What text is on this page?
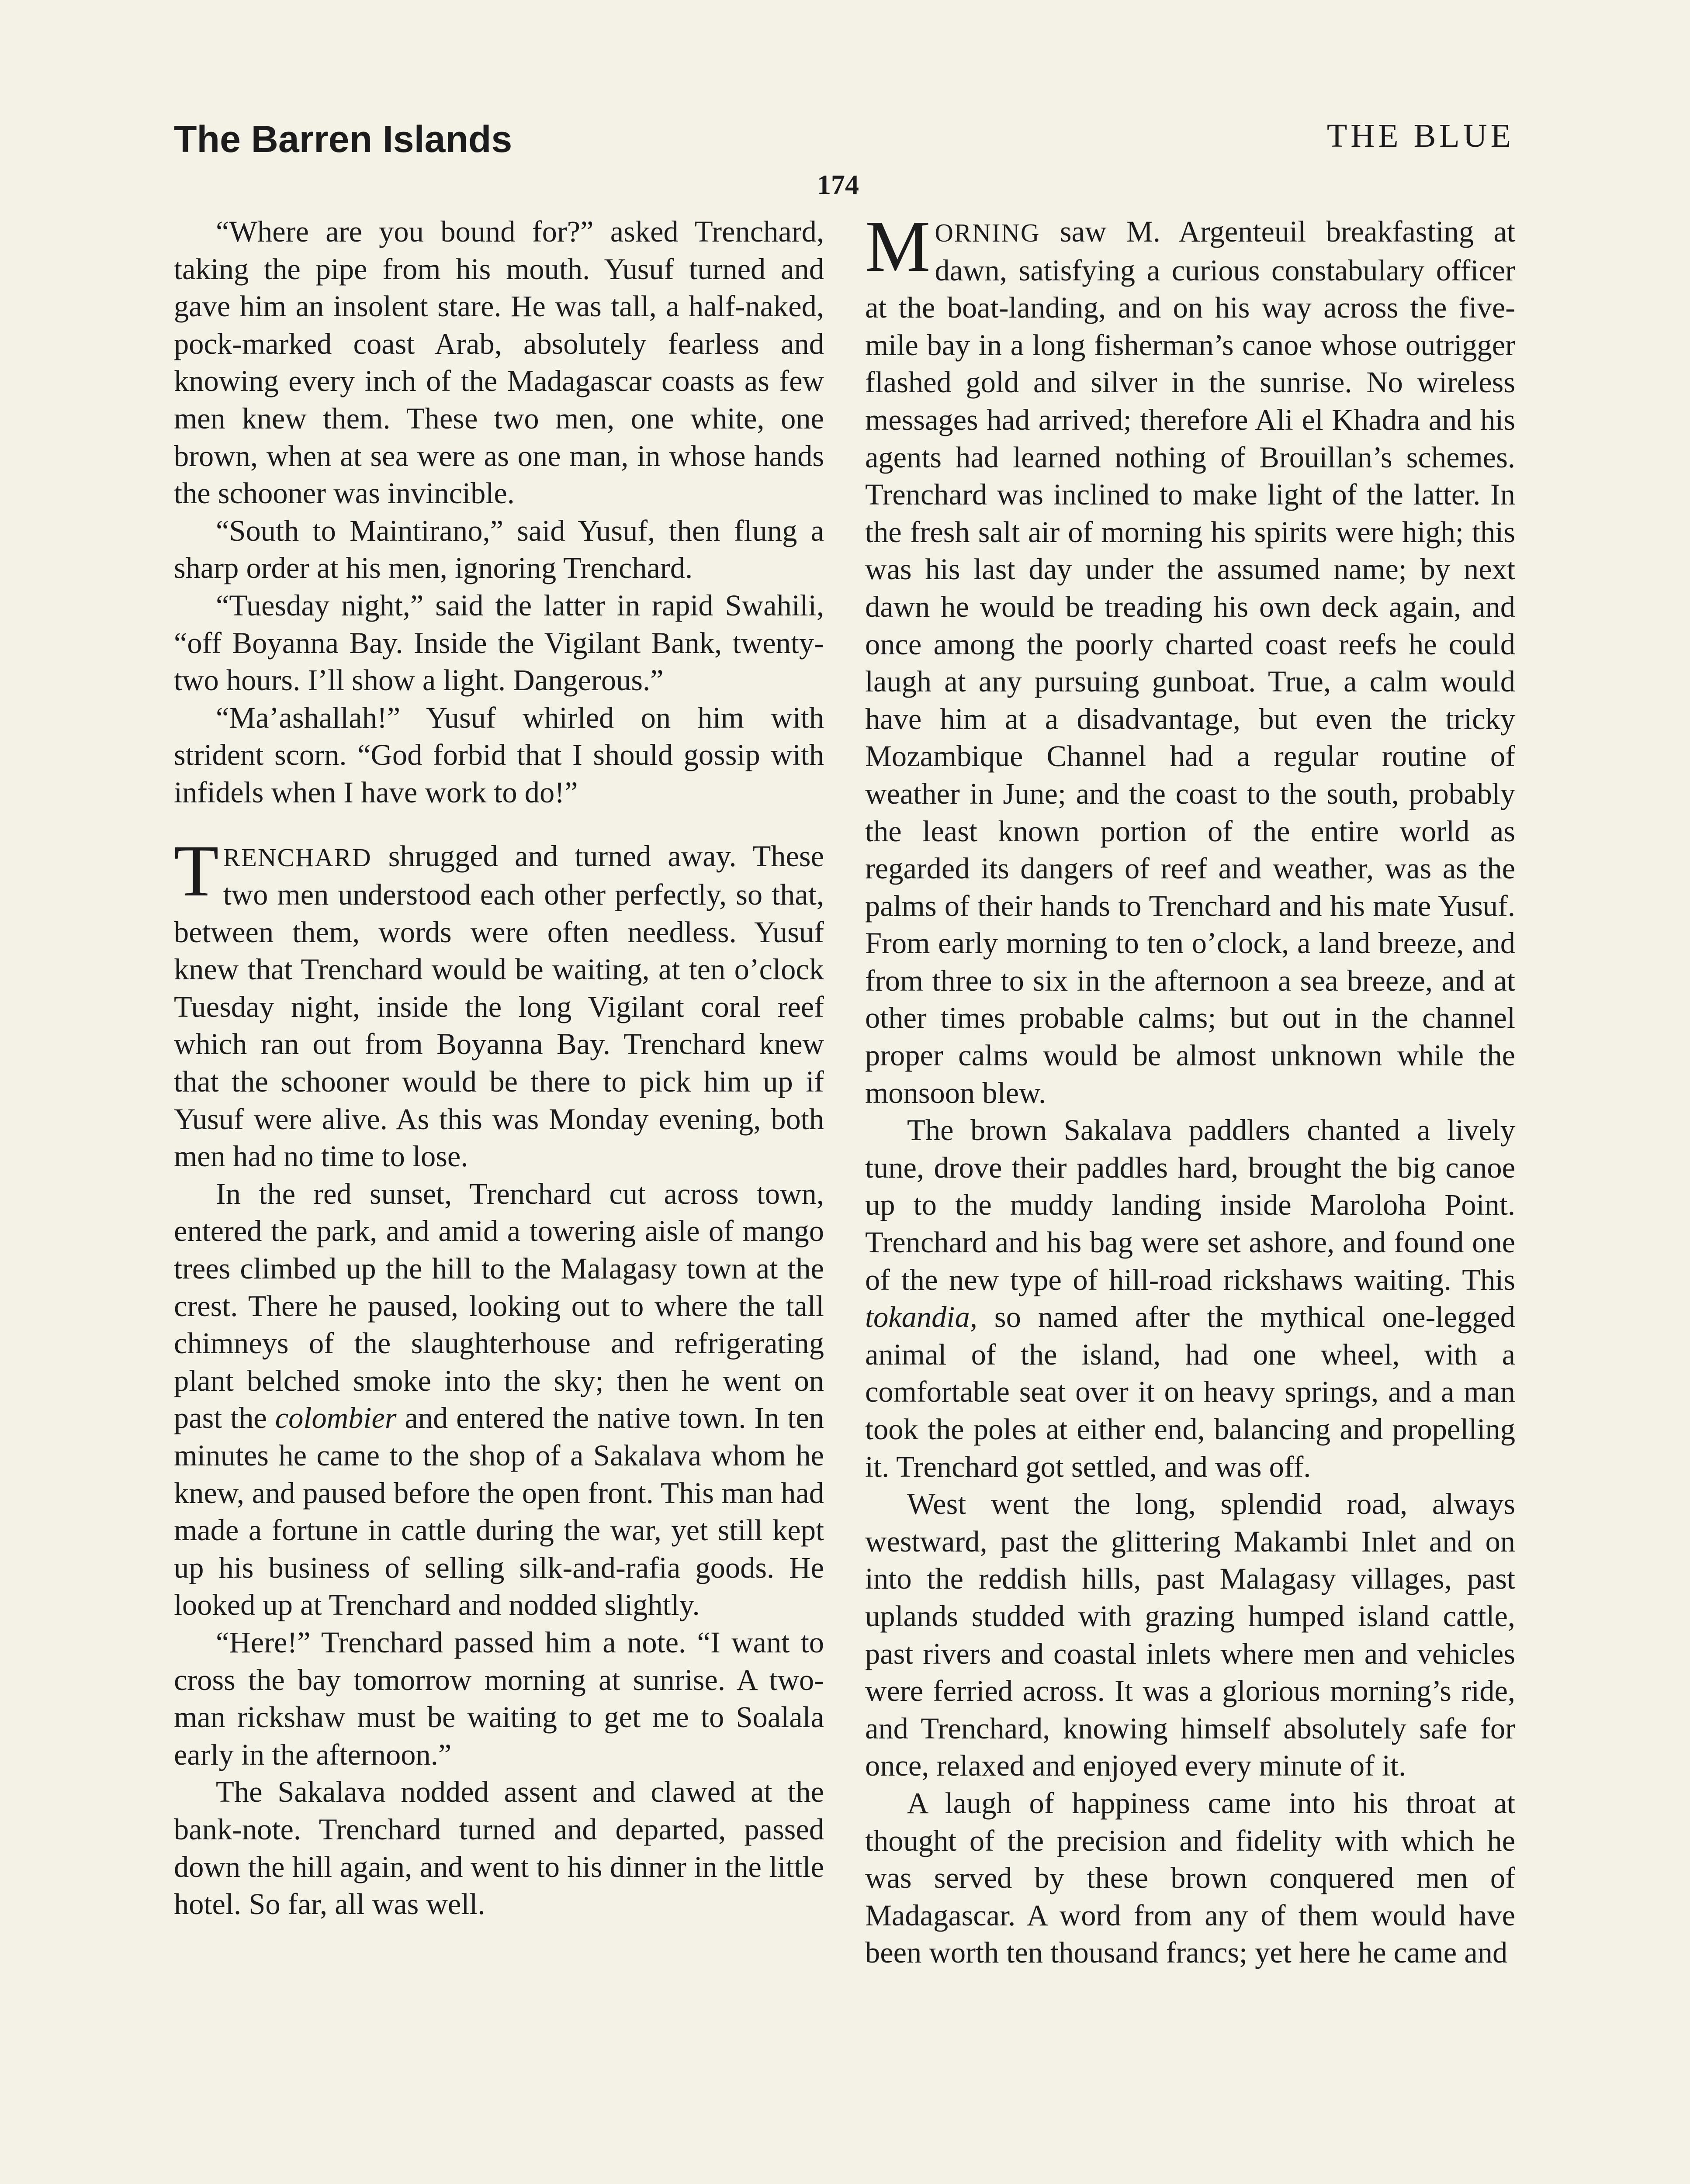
The Barren Islands	THE BLUE
174

“Where are you bound for?” asked Trenchard, taking the pipe from his mouth. Yusuf turned and gave him an insolent stare. He was tall, a half-naked, pock-marked coast Arab, absolutely fearless and knowing every inch of the Madagascar coasts as few men knew them. These two men, one white, one brown, when at sea were as one man, in whose hands the schooner was invincible.

“South to Maintirano,” said Yusuf, then flung a sharp order at his men, ignoring Trenchard.

“Tuesday night,” said the latter in rapid Swahili, “off Boyanna Bay. Inside the Vigilant Bank, twenty-two hours. I’ll show a light. Dangerous.”

“Ma’ashallah!” Yusuf whirled on him with strident scorn. “God forbid that I should gossip with infidels when I have work to do!”

TRENCHARD shrugged and turned away. These two men understood each other perfectly, so that, between them, words were often needless. Yusuf knew that Trenchard would be waiting, at ten o’clock Tuesday night, inside the long Vigilant coral reef which ran out from Boyanna Bay. Trenchard knew that the schooner would be there to pick him up if Yusuf were alive. As this was Monday evening, both men had no time to lose.

In the red sunset, Trenchard cut across town, entered the park, and amid a towering aisle of mango trees climbed up the hill to the Malagasy town at the crest. There he paused, looking out to where the tall chimneys of the slaughterhouse and refrigerating plant belched smoke into the sky; then he went on past the colombier and entered the native town. In ten minutes he came to the shop of a Sakalava whom he knew, and paused before the open front. This man had made a fortune in cattle during the war, yet still kept up his business of selling silk-and-rafia goods. He looked up at Trenchard and nodded slightly.

“Here!” Trenchard passed him a note. “I want to cross the bay tomorrow morning at sunrise. A two-man rickshaw must be waiting to get me to Soalala early in the afternoon.”

The Sakalava nodded assent and clawed at the bank-note. Trenchard turned and departed, passed down the hill again, and went to his dinner in the little hotel. So far, all was well.

MORNING saw M. Argenteuil breakfasting at dawn, satisfying a curious constabulary officer at the boat-landing, and on his way across the five-mile bay in a long fisherman’s canoe whose outrigger flashed gold and silver in the sunrise. No wireless messages had arrived; therefore Ali el Khadra and his agents had learned nothing of Brouillan’s schemes. Trenchard was inclined to make light of the latter. In the fresh salt air of morning his spirits were high; this was his last day under the assumed name; by next dawn he would be treading his own deck again, and once among the poorly charted coast reefs he could laugh at any pursuing gunboat. True, a calm would have him at a disadvantage, but even the tricky Mozambique Channel had a regular routine of weather in June; and the coast to the south, probably the least known portion of the entire world as regarded its dangers of reef and weather, was as the palms of their hands to Trenchard and his mate Yusuf. From early morning to ten o’clock, a land breeze, and from three to six in the afternoon a sea breeze, and at other times probable calms; but out in the channel proper calms would be almost unknown while the monsoon blew.

The brown Sakalava paddlers chanted a lively tune, drove their paddles hard, brought the big canoe up to the muddy landing inside Maroloha Point. Trenchard and his bag were set ashore, and found one of the new type of hill-road rickshaws waiting. This tokandia, so named after the mythical one-legged animal of the island, had one wheel, with a comfortable seat over it on heavy springs, and a man took the poles at either end, balancing and propelling it. Trenchard got settled, and was off.

West went the long, splendid road, always westward, past the glittering Makambi Inlet and on into the reddish hills, past Malagasy villages, past uplands studded with grazing humped island cattle, past rivers and coastal inlets where men and vehicles were ferried across. It was a glorious morning’s ride, and Trenchard, knowing himself absolutely safe for once, relaxed and enjoyed every minute of it.

A laugh of happiness came into his throat at thought of the precision and fidelity with which he was served by these brown conquered men of Madagascar. A word from any of them would have been worth ten thousand francs; yet here he came and
